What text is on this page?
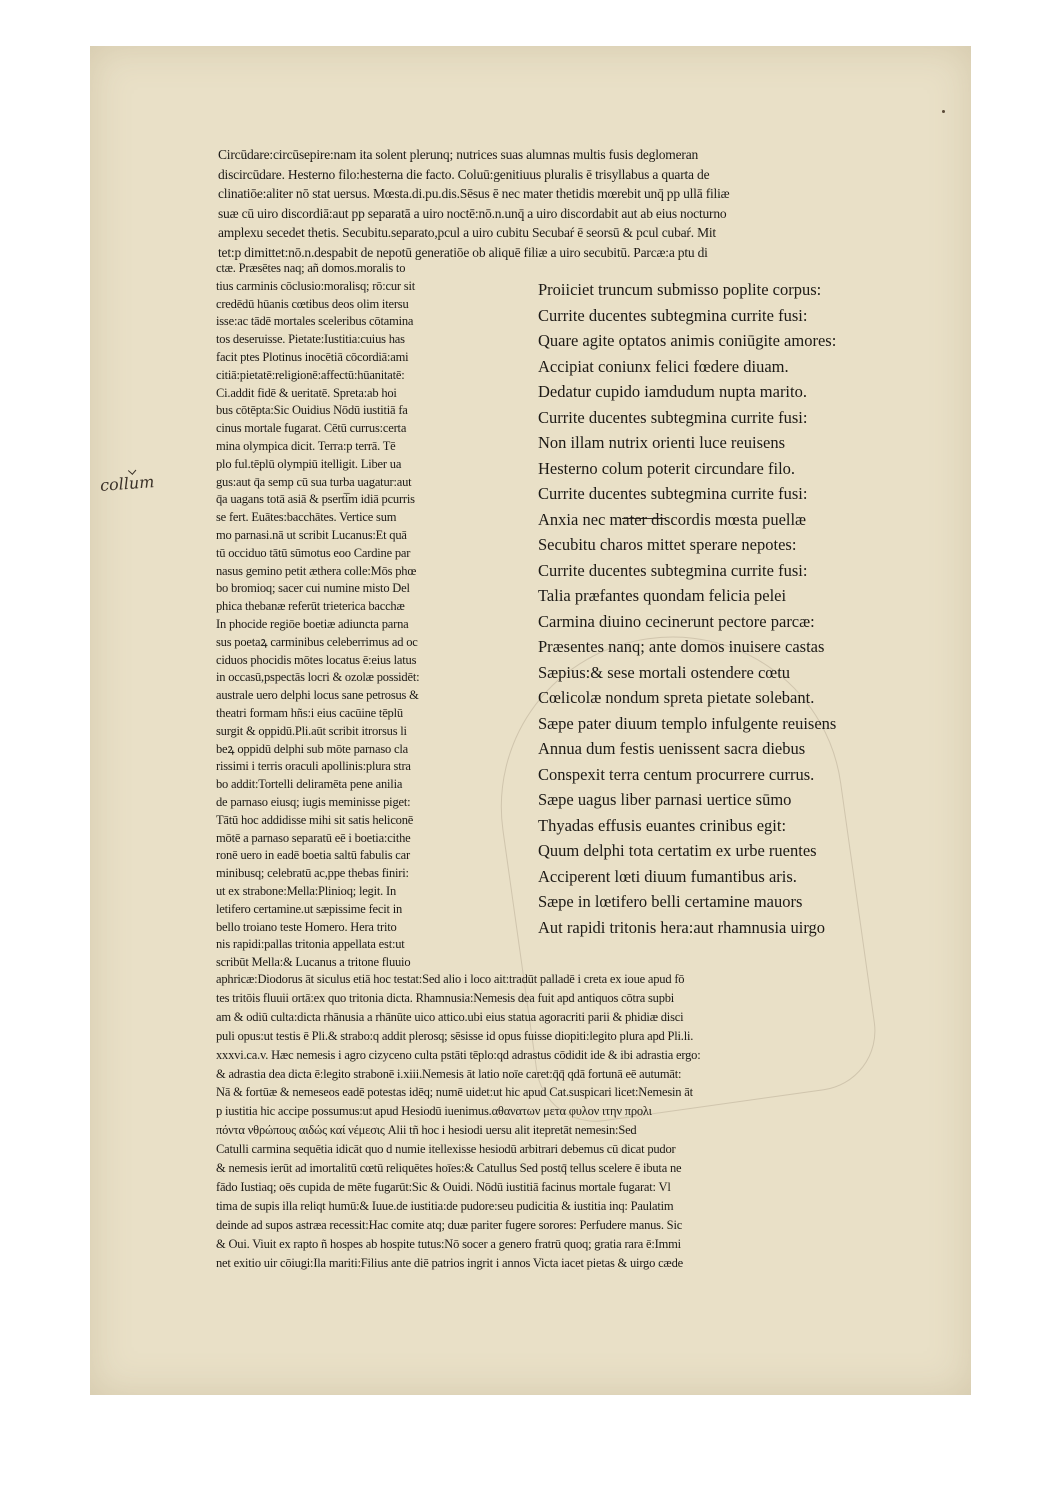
collum
Circūdare:circūsepire:nam ita solent plerunq; nutrices suas alumnas multis fusis deglomeran
discircūdare. Hesterno filo:hesterna die facto. Coluū:genitiuus pluralis ē trisyllabus a quarta de
clinatiōe:aliter nō stat uersus. Mœsta.di.pu.dis.Sēsus ē nec mater thetidis mœrebit unq̄ pp ullā filiæ
suæ cū uiro discordiā:aut pp separatā a uiro noctē:nō.n.unq̄ a uiro discordabit aut ab eius nocturno
amplexu secedet thetis. Secubitu.separato,pcul a uiro cubitu Secubaŕ ē seorsū & pcul cubaŕ. Mit
tet:p dimittet:nō.n.despabit de nepotū generatiōe ob aliquē filiæ a uiro secubitū. Parcæ:a ptu di
ctæ. Præsētes naq; añ domos.moralis to
tius carminis cōclusio:moralisq; rō:cur sit
credēdū hūanis cœtibus deos olim itersu
isse:ac tādē mortales sceleribus cōtamina
tos deseruisse. Pietate:Iustitia:cuius has
facit ptes Plotinus inocētiā cōcordiā:ami
citiā:pietatē:religionē:affectū:hūanitatē:
Ci.addit fidē & ueritatē. Spreta:ab hoi
bus cōtēpta:Sic Ouidius Nōdū iustitiā fa
cinus mortale fugarat. Cētū currus:certa
mina olympica dicit. Terra:p terrā. Tē
plo ful.tēplū olympiū itelligit. Liber ua
gus:aut q̄a semp cū sua turba uagatur:aut
q̄a uagans totā asiā & pserti̅m idiā pcurris
se fert. Euātes:bacchātes. Vertice sum
mo parnasi.nā ut scribit Lucanus:Et quā
tū occiduo tātū sūmotus eoo Cardine par
nasus gemino petit æthera colle:Mōs phœ
bo bromioq; sacer cui numine misto Del
phica thebanæ referūt trieterica bacchæ
In phocide regiōe boetiæ adiuncta parna
sus poetaꝝ carminibus celeberrimus ad oc
ciduos phocidis mōtes locatus ē:eius latus
in occasū,pspectās locri & ozolæ possidēt:
australe uero delphi locus sane petrosus &
theatri formam hñs:i eius cacūine tēplū
surgit & oppidū.Pli.aūt scribit itrorsus li
beꝝ oppidū delphi sub mōte parnaso cla
rissimi i terris oraculi apollinis:plura stra
bo addit:Tortelli deliramēta pene anilia
de parnaso eiusq; iugis meminisse piget:
Tātū hoc addidisse mihi sit satis heliconē
mōtē a parnaso separatū eē i boetia:cithe
ronē uero in eadē boetia saltū fabulis car
minibusq; celebratū ac,ppe thebas finiri:
ut ex strabone:Mella:Plinioq; legit. In
letifero certamine.ut sæpissime fecit in
bello troiano teste Homero. Hera trito
nis rapidi:pallas tritonia appellata est:ut
scribūt Mella:& Lucanus a tritone fluuio
Proiiciet truncum submisso poplite corpus:
Currite ducentes subtegmina currite fusi:
Quare agite optatos animis coniūgite amores:
Accipiat coniunx felici fœdere diuam.
Dedatur cupido iamdudum nupta marito.
Currite ducentes subtegmina currite fusi:
Non illam nutrix orienti luce reuisens
Hesterno colum poterit circundare filo.
Currite ducentes subtegmina currite fusi:
Anxia nec mater discordis mœsta puellæ
Secubitu charos mittet sperare nepotes:
Currite ducentes subtegmina currite fusi:
Talia præfantes quondam felicia pelei
Carmina diuino cecinerunt pectore parcæ:
Præsentes nanq; ante domos inuisere castas
Sæpius:& sese mortali ostendere cœtu
Cœlicolæ nondum spreta pietate solebant.
Sæpe pater diuum templo infulgente reuisens
Annua dum festis uenissent sacra diebus
Conspexit terra centum procurrere currus.
Sæpe uagus liber parnasi uertice sūmo
Thyadas effusis euantes crinibus egit:
Quum delphi tota certatim ex urbe ruentes
Acciperent lœti diuum fumantibus aris.
Sæpe in lœtifero belli certamine mauors
Aut rapidi tritonis hera:aut rhamnusia uirgo
aphricæ:Diodorus āt siculus etiā hoc testat:Sed alio i loco ait:tradūt palladē i creta ex ioue apud fō
tes tritōis fluuii ortā:ex quo tritonia dicta. Rhamnusia:Nemesis dea fuit apd antiquos cōtra supbi
am & odiū culta:dicta rhānusia a rhānūte uico attico.ubi eius statua agoracriti parii & phidiæ disci
puli opus:ut testis ē Pli.& strabo:q addit plerosq; sēsisse id opus fuisse diopiti:legito plura apd Pli.li.
xxxvi.ca.v. Hæc nemesis i agro cizyceno culta pstāti tēplo:qd adrastus cōdidit ide & ibi adrastia ergo:
& adrastia dea dicta ē:legito strabonē i.xiii.Nemesis āt latio noīe caret:q̄q̄ qdā fortunā eē autumāt:
Nā & fortūæ & nemeseos eadē potestas idēq; numē uidet:ut hic apud Cat.suspicari licet:Nemesin āt
p iustitia hic accipe possumus:ut apud Hesiodū iuenimus.αθανατων μετα φυλον ιτην προλι
πόντα νθρώπους αιδώς καί νέμεσις Alii tñ hoc i hesiodi uersu alit itepretāt nemesin:Sed
Catulli carmina sequētia idicāt quo d numie itellexisse hesiodū arbitrari debemus cū dicat pudor
& nemesis ierūt ad imortalitū cœtū reliquētes hoīes:& Catullus Sed postq̄ tellus scelere ē ibuta ne
fādo Iustiaq; oēs cupida de mēte fugarūt:Sic & Ouidi. Nōdū iustitiā facinus mortale fugarat: Vl
tima de supis illa reliqt humū:& Iuue.de iustitia:de pudore:seu pudicitia & iustitia inq: Paulatim
deinde ad supos astræa recessit:Hac comite atq; duæ pariter fugere sorores: Perfudere manus. Sic
& Oui. Viuit ex rapto ñ hospes ab hospite tutus:Nō socer a genero fratrū quoq; gratia rara ē:Immi
net exitio uir cōiugi:Ila mariti:Filius ante diē patrios ingrit i annos Victa iacet pietas & uirgo cæde
